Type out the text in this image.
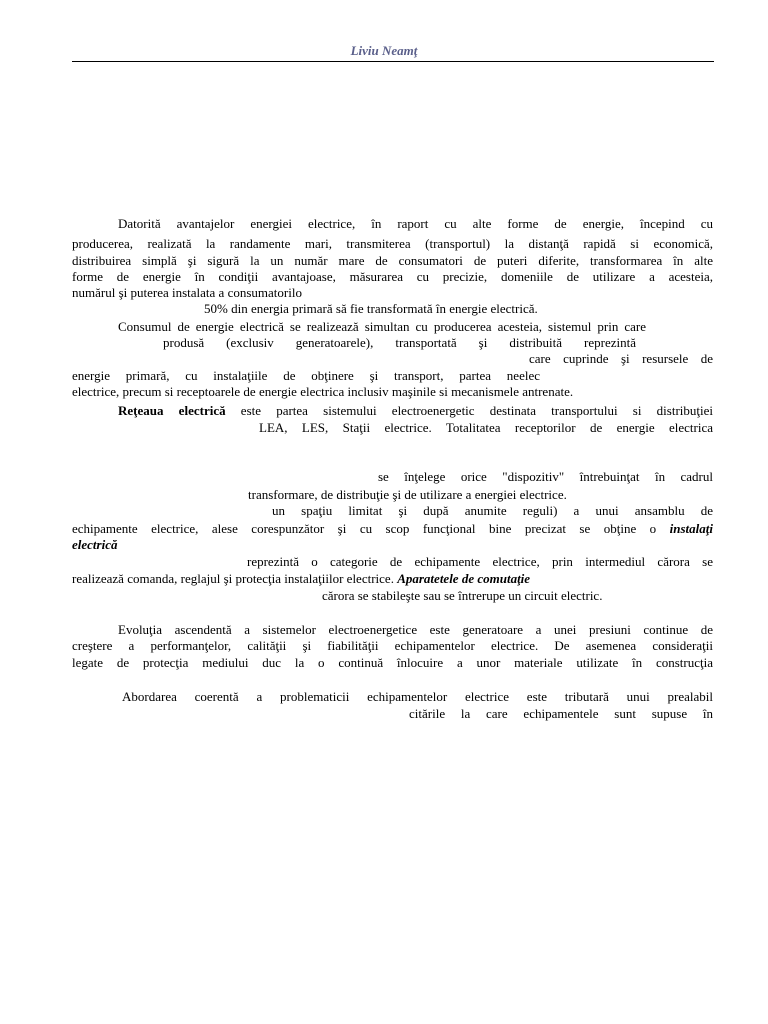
Liviu Neamţ
Datorită avantajelor energiei electrice, în raport cu alte forme de energie, începind cu
producerea, realizată la randamente mari, transmiterea (transportul) la distanţă rapidă si economică,
distribuirea simplă şi sigură la un număr mare de consumatori de puteri diferite, transformarea în alte
forme de energie în condiţii avantajoase, măsurarea cu precizie, domeniile de utilizare a acesteia,
numărul şi puterea instalata a consumatorilo
50% din energia primară să fie transformată în energie electrică.
Consumul de energie electrică se realizează simultan cu producerea acesteia, sistemul prin care
produsă (exclusiv generatoarele), transportată şi distribuită reprezintă
care cuprinde şi resursele de
energie primară, cu instalaţiile de obţinere şi transport, partea neelec
electrice, precum si receptoarele de energie electrica inclusiv maşinile si mecanismele antrenate.
Reţeaua electrică este partea sistemului electroenergetic destinata transportului si distribuţiei
LEA, LES, Staţii electrice. Totalitatea receptorilor de energie electrica
se înţelege orice "dispozitiv" întrebuinţat în cadrul
transformare, de distribuţie şi de utilizare a energiei electrice.
un spaţiu limitat şi după anumite reguli) a unui ansamblu de
echipamente electrice, alese corespunzător şi cu scop funcţional bine precizat se obţine o instalaţi
electrică
reprezintă o categorie de echipamente electrice, prin intermediul cărora se
realizează comanda, reglajul şi protecţia instalaţiilor electrice. Aparatetele de comutaţie
cărora se stabileşte sau se întrerupe un circuit electric.
Evoluţia ascendentă a sistemelor electroenergetice este generatoare a unei presiuni continue de
creştere a performanţelor, calităţii şi fiabilităţii echipamentelor electrice. De asemenea consideraţii
legate de protecţia mediului duc la o continuă înlocuire a unor materiale utilizate în construcţia
Abordarea coerentă a problematicii echipamentelor electrice este tributară unui prealabil
citările la care echipamentele sunt supuse în
